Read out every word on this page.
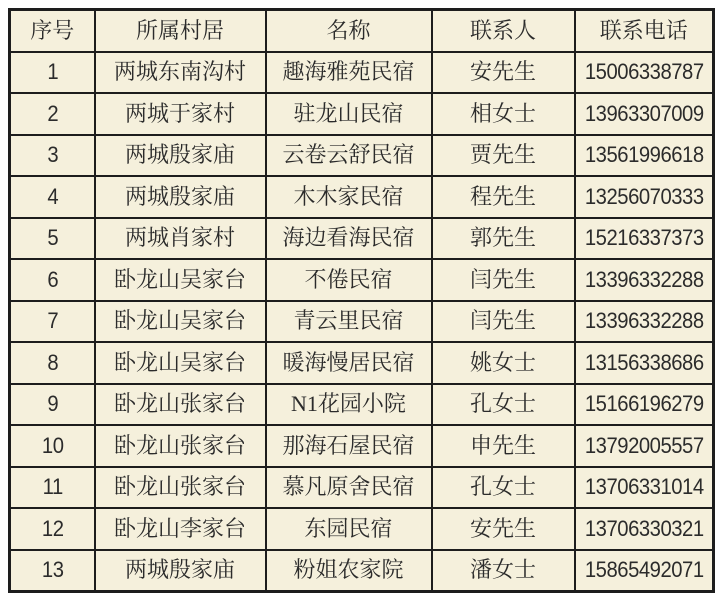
序号	所属村居	名称	联系人	联系电话
1	两城东南沟村	趣海雅苑民宿	安先生	15006338787
2	两城于家村	驻龙山民宿	相女士	13963307009
3	两城殷家庙	云卷云舒民宿	贾先生	13561996618
4	两城殷家庙	木木家民宿	程先生	13256070333
5	两城肖家村	海边看海民宿	郭先生	15216337373
6	卧龙山吴家台	不倦民宿	闫先生	13396332288
7	卧龙山吴家台	青云里民宿	闫先生	13396332288
8	卧龙山吴家台	暖海慢居民宿	姚女士	13156338686
9	卧龙山张家台	N1花园小院	孔女士	15166196279
10	卧龙山张家台	那海石屋民宿	申先生	13792005557
11	卧龙山张家台	慕凡原舍民宿	孔女士	13706331014
12	卧龙山李家台	东园民宿	安先生	13706330321
13	两城殷家庙	粉姐农家院	潘女士	15865492071
